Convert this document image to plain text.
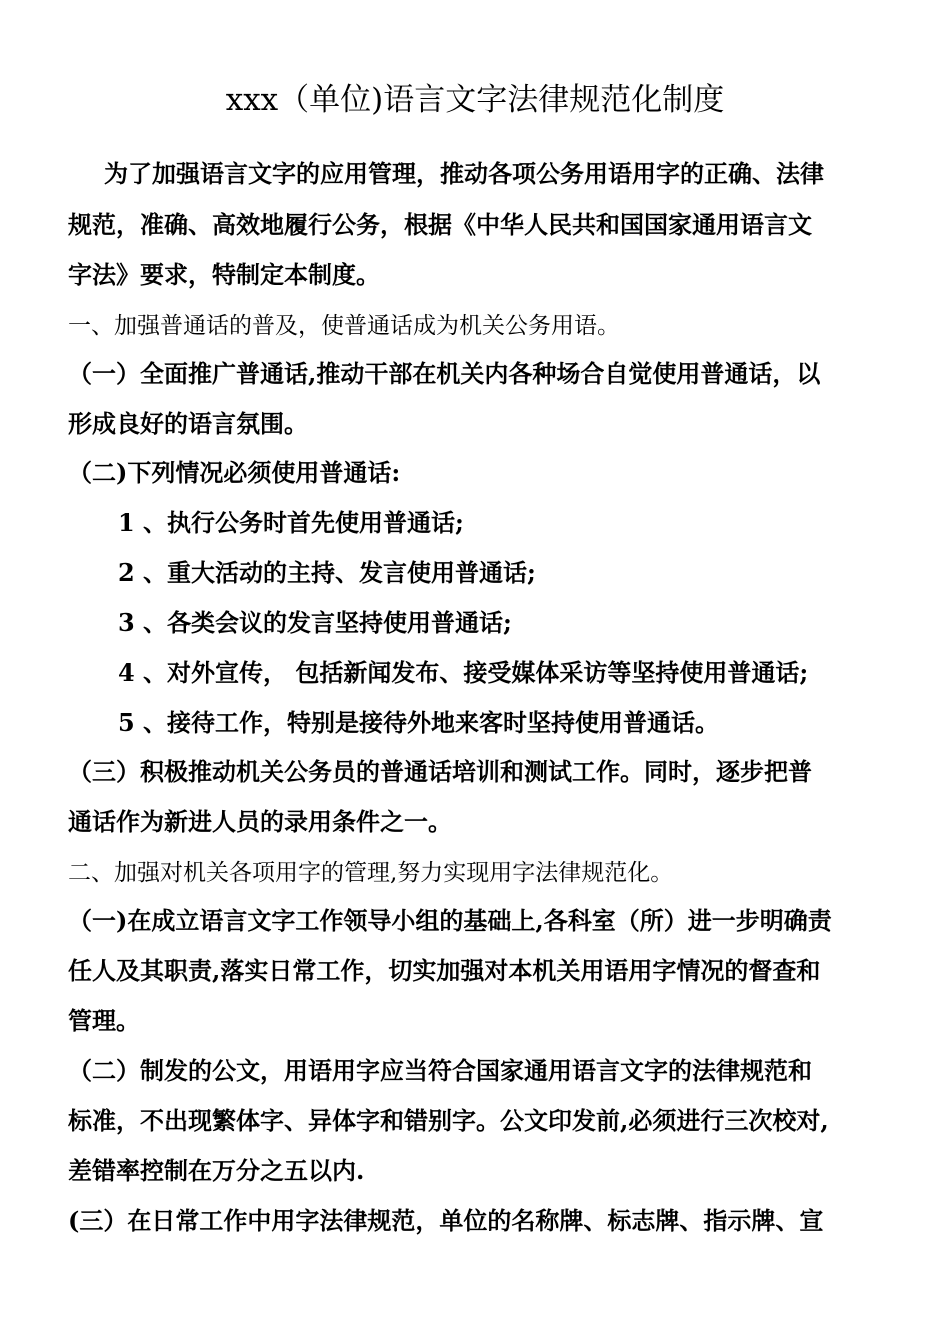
xxx（单位)语言文字法律规范化制度
为了加强语言文字的应用管理，推动各项公务用语用字的正确、法律
规范，准确、高效地履行公务，根据《中华人民共和国国家通用语言文
字法》要求，特制定本制度。
一、加强普通话的普及，使普通话成为机关公务用语。
（一）全面推广普通话,推动干部在机关内各种场合自觉使用普通话，以
形成良好的语言氛围。
（二)下列情况必须使用普通话:
1 、执行公务时首先使用普通话;
2 、重大活动的主持、发言使用普通话;
3 、各类会议的发言坚持使用普通话;
4 、对外宣传， 包括新闻发布、接受媒体采访等坚持使用普通话;
5 、接待工作，特别是接待外地来客时坚持使用普通话。
（三）积极推动机关公务员的普通话培训和测试工作。同时，逐步把普
通话作为新进人员的录用条件之一。
二、加强对机关各项用字的管理,努力实现用字法律规范化。
（一)在成立语言文字工作领导小组的基础上,各科室（所）进一步明确责
任人及其职责,落实日常工作，切实加强对本机关用语用字情况的督查和
管理。
（二）制发的公文，用语用字应当符合国家通用语言文字的法律规范和
标准，不出现繁体字、异体字和错别字。公文印发前,必须进行三次校对,
差错率控制在万分之五以内.
(三）在日常工作中用字法律规范，单位的名称牌、标志牌、指示牌、宣
